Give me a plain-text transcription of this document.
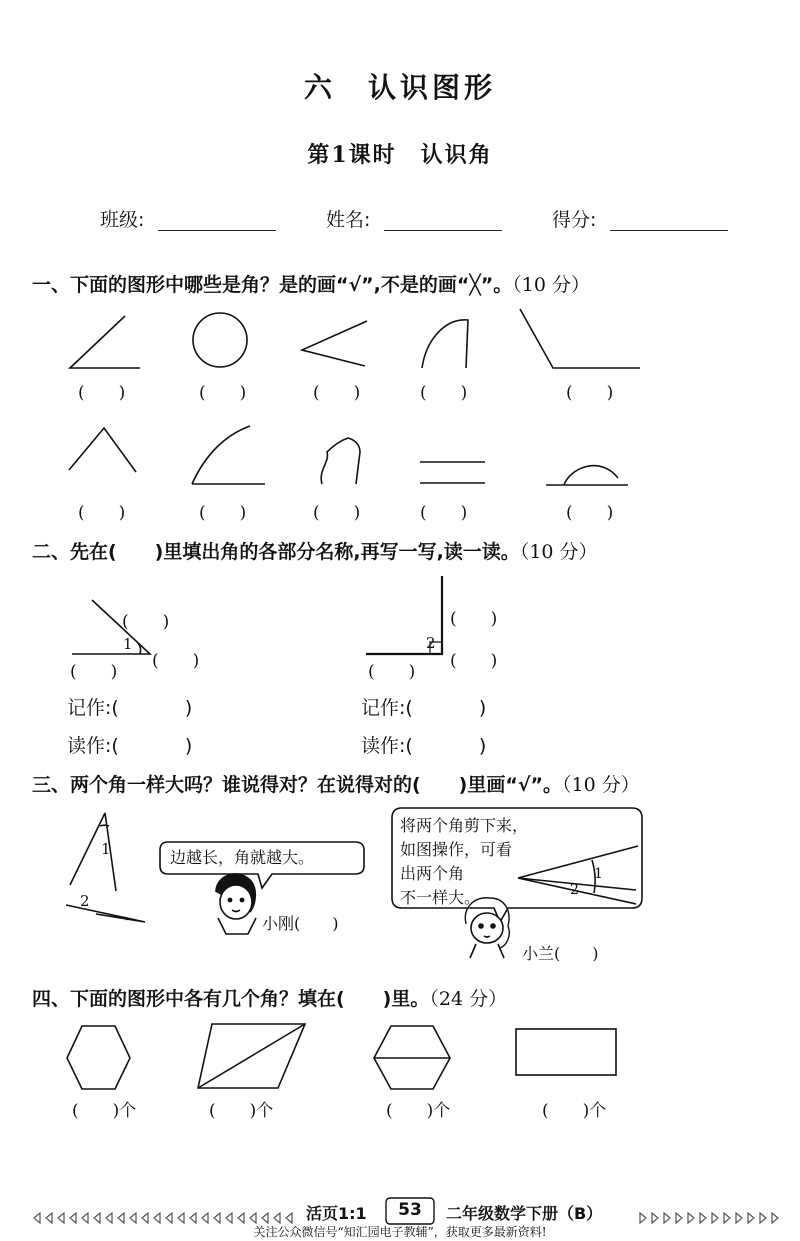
六　认识图形
第1课时　认识角
班级:	姓名:	得分:
一、下面的图形中哪些是角？是的画“√”,不是的画“╳”。（10 分）
(　　)	(　　)	(　　)	(　　)	(　　)
(　　)	(　　)	(　　)	(　　)	(　　)
二、先在(　　)里填出角的各部分名称,再写一写,读一读。（10 分）
1
(　　)
(　　)
(　　)
记作:(	)
读作:(	)
2
(　　)
(　　)
(　　)
记作:(	)
读作:(	)
三、两个角一样大吗？谁说得对？在说得对的(　　)里画“√”。（10 分）
1
2
边越长，角就越大。
小刚(　　)
将两个角剪下来，
如图操作，可看
出两个角
不一样大。
1
2
小兰(　　)
四、下面的图形中各有几个角？填在(　　)里。（24 分）
(　　)个	(　　)个	(　　)个	(　　)个
活页1:1	53	二年级数学下册（B）
关注公众微信号“知汇园电子教辅”，获取更多最新资料!
